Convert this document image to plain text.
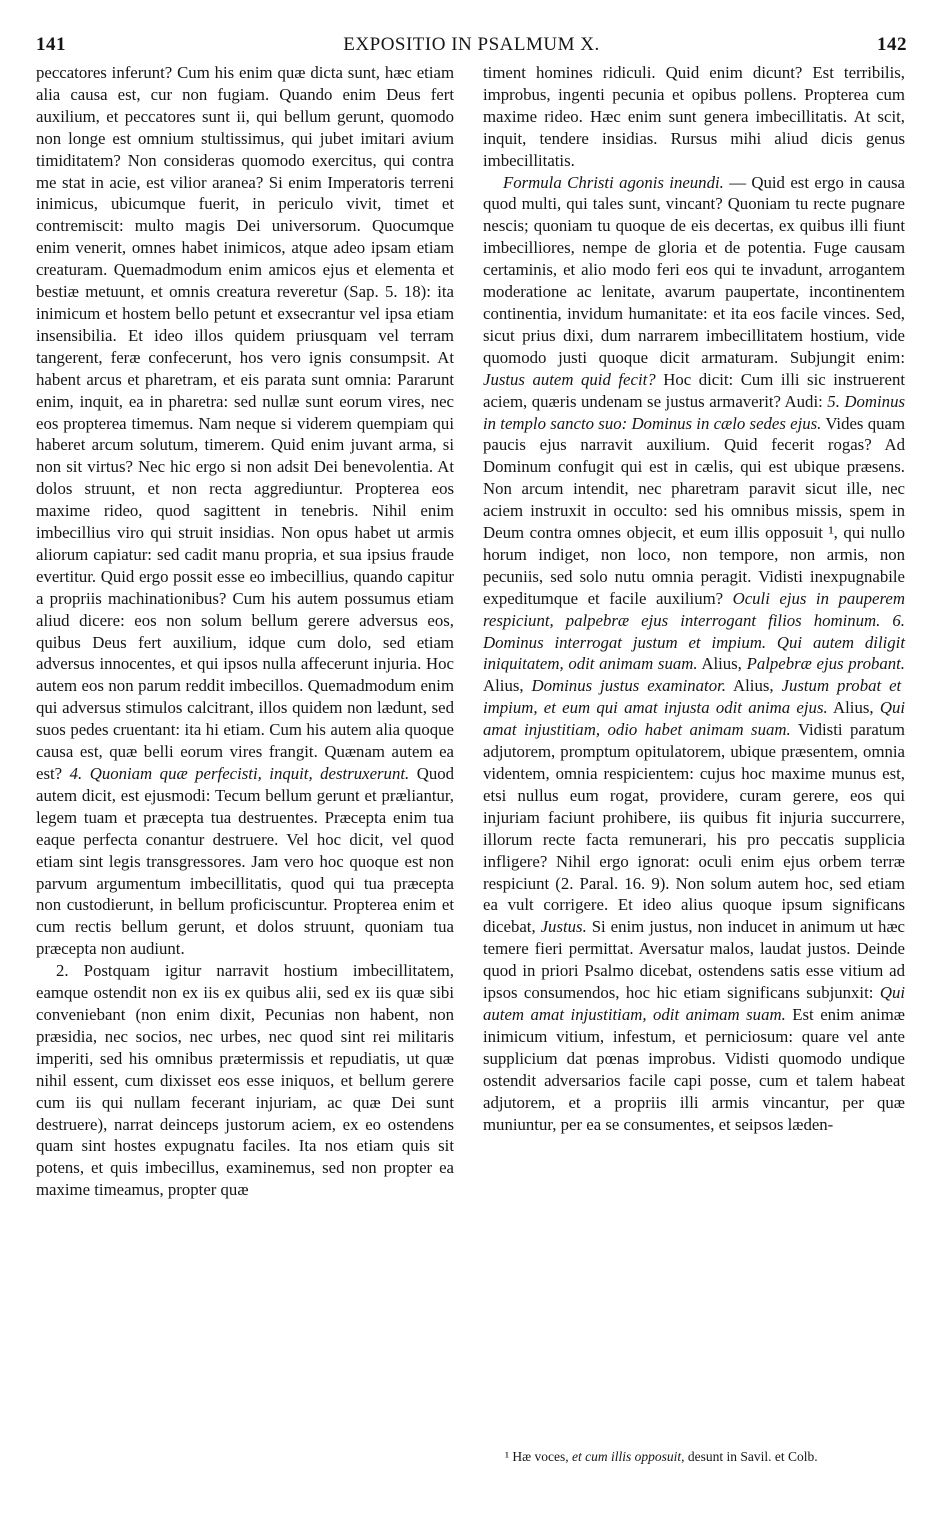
141	EXPOSITIO IN PSALMUM X.	142

peccatores inferunt? Cum his enim quæ dicta sunt, hæc etiam alia causa est, cur non fugiam. Quando enim Deus fert auxilium, et peccatores sunt ii, qui bellum gerunt, quomodo non longe est omnium stultissimus, qui jubet imitari avium timiditatem? Non consideras quomodo exercitus, qui contra me stat in acie, est vilior aranea? Si enim Imperatoris terreni inimicus, ubicumque fuerit, in periculo vivit, timet et contremiscit: multo magis Dei universorum. Quocumque enim venerit, omnes habet inimicos, atque adeo ipsam etiam creaturam. Quemadmodum enim amicos ejus et elementa et bestiæ metuunt, et omnis creatura reveretur (Sap. 5. 18): ita inimicum et hostem bello petunt et exsecrantur vel ipsa etiam insensibilia. Et ideo illos quidem priusquam vel terram tangerent, feræ confecerunt, hos vero ignis consumpsit. At habent arcus et pharetram, et eis parata sunt omnia: Pararunt enim, inquit, ea in pharetra: sed nullæ sunt eorum vires, nec eos propterea timemus. Nam neque si viderem quempiam qui haberet arcum solutum, timerem. Quid enim juvant arma, si non sit virtus? Nec hic ergo si non adsit Dei benevolentia. At dolos struunt, et non recta aggrediuntur. Propterea eos maxime rideo, quod sagittent in tenebris. Nihil enim imbecillius viro qui struit insidias. Non opus habet ut armis aliorum capiatur: sed cadit manu propria, et sua ipsius fraude evertitur. Quid ergo possit esse eo imbecillius, quando capitur a propriis machinationibus? Cum his autem possumus etiam aliud dicere: eos non solum bellum gerere adversus eos, quibus Deus fert auxilium, idque cum dolo, sed etiam adversus innocentes, et qui ipsos nulla affecerunt injuria. Hoc autem eos non parum reddit imbecillos. Quemadmodum enim qui adversus stimulos calcitrant, illos quidem non lædunt, sed suos pedes cruentant: ita hi etiam. Cum his autem alia quoque causa est, quæ belli eorum vires frangit. Quænam autem ea est? 4. Quoniam quæ perfecisti, inquit, destruxerunt. Quod autem dicit, est ejusmodi: Tecum bellum gerunt et præliantur, legem tuam et præcepta tua destruentes. Præcepta enim tua eaque perfecta conantur destruere. Vel hoc dicit, vel quod etiam sint legis transgressores. Jam vero hoc quoque est non parvum argumentum imbecillitatis, quod qui tua præcepta non custodierunt, in bellum proficiscuntur. Propterea enim et cum rectis bellum gerunt, et dolos struunt, quoniam tua præcepta non audiunt.

2. Postquam igitur narravit hostium imbecillitatem, eamque ostendit non ex iis ex quibus alii, sed ex iis quæ sibi conveniebant (non enim dixit, Pecunias non habent, non præsidia, nec socios, nec urbes, nec quod sint rei militaris imperiti, sed his omnibus prætermissis et repudiatis, ut quæ nihil essent, cum dixisset eos esse iniquos, et bellum gerere cum iis qui nullam fecerant injuriam, ac quæ Dei sunt destruere), narrat deinceps justorum aciem, ex eo ostendens quam sint hostes expugnatu faciles. Ita nos etiam quis sit potens, et quis imbecillus, examinemus, sed non propter ea maxime timeamus, propter quæ

timent homines ridiculi. Quid enim dicunt? Est terribilis, improbus, ingenti pecunia et opibus pollens. Propterea cum maxime rideo. Hæc enim sunt genera imbecillitatis. At scit, inquit, tendere insidias. Rursus mihi aliud dicis genus imbecillitatis.

Formula Christi agonis ineundi. — Quid est ergo in causa quod multi, qui tales sunt, vincant? Quoniam tu recte pugnare nescis; quoniam tu quoque de eis decertas, ex quibus illi fiunt imbecilliores, nempe de gloria et de potentia. Fuge causam certaminis, et alio modo feri eos qui te invadunt, arrogantem moderatione ac lenitate, avarum paupertate, incontinentem continentia, invidum humanitate: et ita eos facile vinces. Sed, sicut prius dixi, dum narrarem imbecillitatem hostium, vide quomodo justi quoque dicit armaturam. Subjungit enim: Justus autem quid fecit? Hoc dicit: Cum illi sic instruerent aciem, quæris undenam se justus armaverit? Audi: 5. Dominus in templo sancto suo: Dominus in cælo sedes ejus. Vides quam paucis ejus narravit auxilium. Quid fecerit rogas? Ad Dominum confugit qui est in cælis, qui est ubique præsens. Non arcum intendit, nec pharetram paravit sicut ille, nec aciem instruxit in occulto: sed his omnibus missis, spem in Deum contra omnes objecit, et eum illis opposuit ¹, qui nullo horum indiget, non loco, non tempore, non armis, non pecuniis, sed solo nutu omnia peragit. Vidisti inexpugnabile expeditumque et facile auxilium? Oculi ejus in pauperem respiciunt, palpebræ ejus interrogant filios hominum. 6. Dominus interrogat justum et impium. Qui autem diligit iniquitatem, odit animam suam. Alius, Palpebræ ejus probant. Alius, Dominus justus examinator. Alius, Justum probat et impium, et eum qui amat injusta odit anima ejus. Alius, Qui amat injustitiam, odio habet animam suam. Vidisti paratum adjutorem, promptum opitulatorem, ubique præsentem, omnia videntem, omnia respicientem: cujus hoc maxime munus est, etsi nullus eum rogat, providere, curam gerere, eos qui injuriam faciunt prohibere, iis quibus fit injuria succurrere, illorum recte facta remunerari, his pro peccatis supplicia infligere? Nihil ergo ignorat: oculi enim ejus orbem terræ respiciunt (2. Paral. 16. 9). Non solum autem hoc, sed etiam ea vult corrigere. Et ideo alius quoque ipsum significans dicebat, Justus. Si enim justus, non inducet in animum ut hæc temere fieri permittat. Aversatur malos, laudat justos. Deinde quod in priori Psalmo dicebat, ostendens satis esse vitium ad ipsos consumendos, hoc hic etiam significans subjunxit: Qui autem amat injustitiam, odit animam suam. Est enim animæ inimicum vitium, infestum, et perniciosum: quare vel ante supplicium dat pœnas improbus. Vidisti quomodo undique ostendit adversarios facile capi posse, cum et talem habeat adjutorem, et a propriis illi armis vincantur, per quæ muniuntur, per ea se consumentes, et seipsos læden-

¹ Hæ voces, et cum illis opposuit, desunt in Savil. et Colb.
